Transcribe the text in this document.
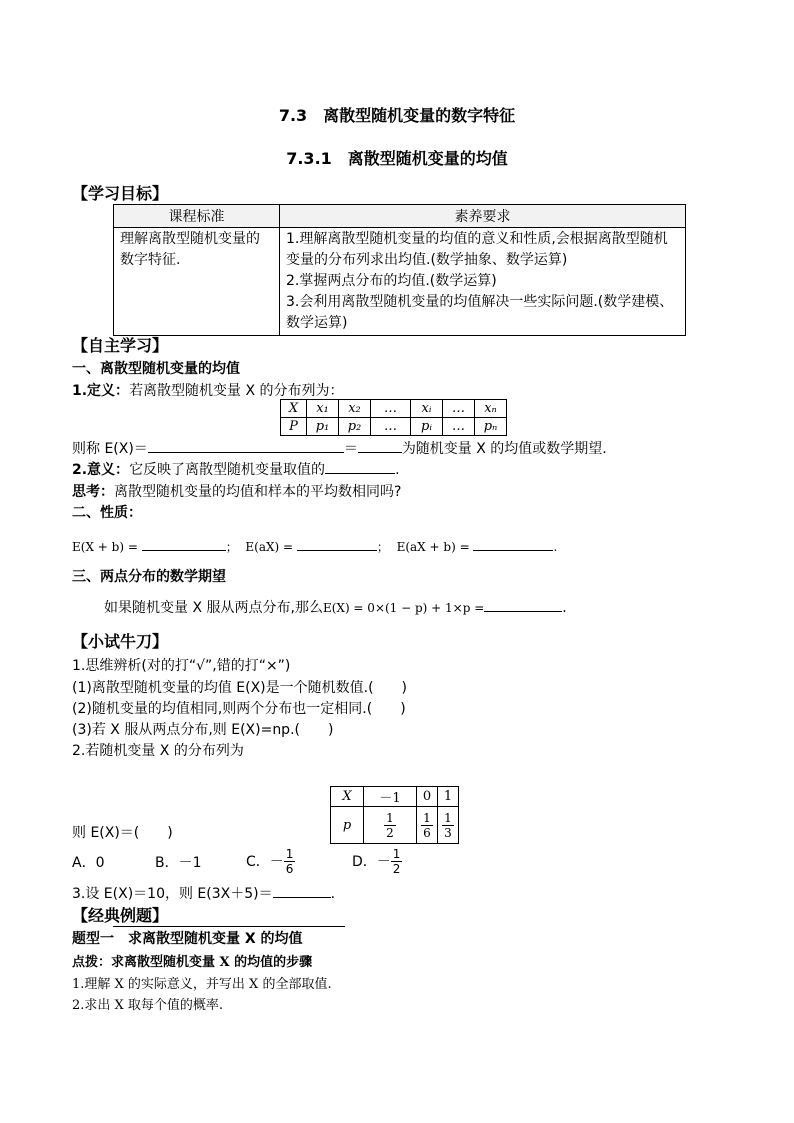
7.3　离散型随机变量的数字特征
7.3.1　离散型随机变量的均值
【学习目标】
课程标准	素养要求
理解离散型随机变量的数字特征.	1.理解离散型随机变量的均值的意义和性质,会根据离散型随机变量的分布列求出均值.(数学抽象、数学运算)
2.掌握两点分布的均值.(数学运算)
3.会利用离散型随机变量的均值解决一些实际问题.(数学建模、数学运算)
【自主学习】
一、离散型随机变量的均值
1.定义：若离散型随机变量 X 的分布列为：
X	x₁	x₂	…	xᵢ	…	xₙ
P	p₁	p₂	…	pᵢ	…	pₙ
则称 E(X)＝	＝	为随机变量 X 的均值或数学期望.
2.意义：它反映了离散型随机变量取值的	.
思考：离散型随机变量的均值和样本的平均数相同吗?
二、性质：
E(X + b) =	； E(aX) =	； E(aX + b) =	.
三、两点分布的数学期望
如果随机变量 X 服从两点分布,那么E(X) = 0×(1 − p) + 1×p =	.
【小试牛刀】
1.思维辨析(对的打“√”,错的打“×”)
(1)离散型随机变量的均值 E(X)是一个随机数值.(　　)
(2)随机变量的均值相同,则两个分布也一定相同.(　　)
(3)若 X 服从两点分布,则 E(X)=np.(　　)
2.若随机变量 X 的分布列为
X	－1	0	1
p	$\frac{1}{2}$	$\frac{1}{6}$	$\frac{1}{3}$
则 E(X)＝(　　)
A．0	B．－1	C．－ $\frac{1}{6}$	D．－ $\frac{1}{2}$
3.设 E(X)＝10，则 E(3X＋5)＝	.
【经典例题】
题型一　求离散型随机变量 X 的均值
点拨：求离散型随机变量 X 的均值的步骤
1.理解 X 的实际意义，并写出 X 的全部取值.
2.求出 X 取每个值的概率.
